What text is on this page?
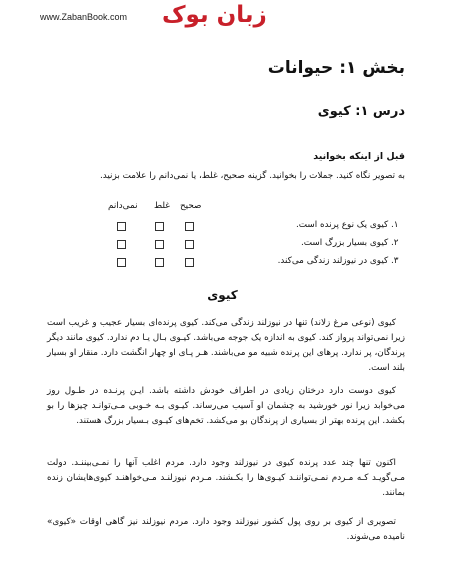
www.ZabanBook.com زبان بوک
بخش ۱: حیوانات
درس ۱: کیوی
قبل از اینکه بخوانید
به تصویر نگاه کنید. جملات را بخوانید. گزینه صحیح، غلط، یا نمی‌دانم را علامت بزنید.
صحیح
غلط
نمی‌دانم
۱. کیوی یک نوع پرنده است.
۲. کیوی بسیار بزرگ است.
۳. کیوی در نیوزلند زندگی می‌کند.
کیوی

کیوی (نوعی مرغ زلاند) تنها در نیوزلند زندگی می‌کند. کیوی پرنده‌ای بسیار عجیب و غریب است زیرا نمی‌تواند پرواز کند. کیوی به اندازه یک جوجه می‌باشد. کیـوی بـال یـا دم ندارد. کیوی مانند دیگر پرندگان، پر ندارد. پرهای این پرنده شبیه مو می‌باشند. هـر پـای او چهار انگشت دارد. منقار او بسیار بلند است.

کیوی دوست دارد درختان زیادی در اطراف خودش داشته باشد. ایـن پرنـده در طـول روز می‌خوابد زیرا نور خورشید به چشمان او آسیب می‌رساند. کیـوی بـه خـوبی مـی‌توانـد چیزها را بو بکشد. این پرنده بهتر از بسیاری از پرندگان بو می‌کشد. تخم‌های کیـوی بـسیار بزرگ هستند.

اکنون تنها چند عدد پرنده کیوی در نیوزلند وجود دارد. مردم اغلب آنها را نمـی‌بیننـد. دولت مـی‌گویـد کـه مـردم نمـی‌تواننـد کیـوی‌ها را بکـشند. مـردم نیوزلنـد مـی‌خواهنـد کیوی‌هایشان زنده بمانند.

تصویری از کیوی بر روی پول کشور نیوزلند وجود دارد. مردم نیوزلند نیز گاهی اوقات «کیوی» نامیده می‌شوند.
